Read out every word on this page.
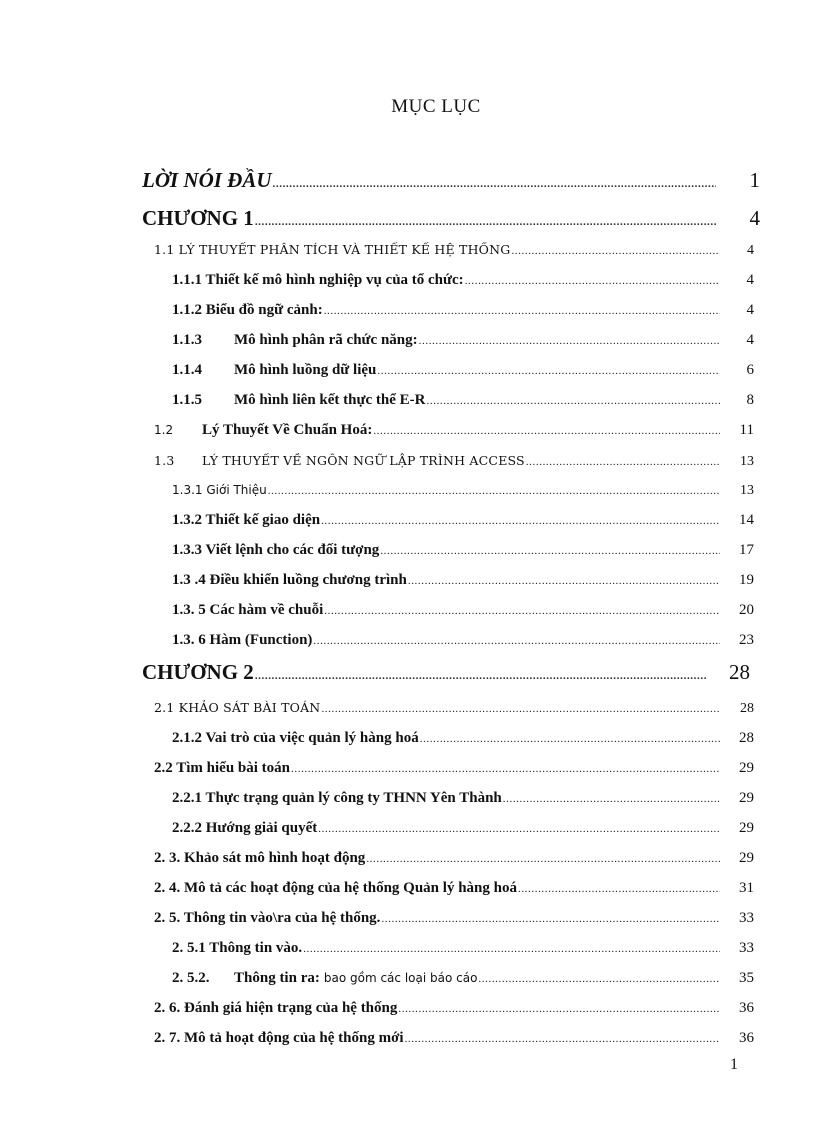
MỤC LỤC
LỜI NÓI ĐẦU .....	1
CHƯƠNG 1 .....	4
1.1 LÝ THUYẾT PHÂN TÍCH VÀ THIẾT KẾ HỆ THỐNG .....	4
1.1.1 Thiết kế mô hình nghiệp vụ của tổ chức: .....	4
1.1.2 Biểu đồ ngữ cảnh: .....	4
1.1.3	Mô hình phân rã chức năng: .....	4
1.1.4	Mô hình luồng dữ liệu .....	6
1.1.5	Mô hình liên kết thực thể E-R .....	8
1.2	Lý Thuyết Về Chuẩn Hoá: .....	11
1.3	LÝ THUYẾT VỀ NGÔN NGỮ LẬP TRÌNH ACCESS .....	13
1.3.1 Giới Thiệu .....	13
1.3.2 Thiết kế giao diện .....	14
1.3.3 Viết lệnh cho các đối tượng .....	17
1.3 .4 Điều khiển luồng chương trình .....	19
1.3. 5 Các hàm về chuỗi .....	20
1.3. 6 Hàm (Function) .....	23
CHƯƠNG 2 .....	28
2.1 KHẢO SÁT BÀI TOÁN .....	28
2.1.2 Vai trò của việc quản lý hàng hoá .....	28
2.2 Tìm hiểu bài toán .....	29
2.2.1 Thực trạng quản lý công ty THNN Yên Thành .....	29
2.2.2 Hướng giải quyết .....	29
2. 3. Khảo sát mô hình hoạt động .....	29
2. 4. Mô tả các hoạt động của hệ thống Quản lý hàng hoá .....	31
2. 5. Thông tin vào\ra của hệ thống. .....	33
2. 5.1 Thông tin vào. .....	33
2. 5.2.	Thông tin ra: bao gồm các loại báo cáo .....	35
2. 6. Đánh giá hiện trạng của hệ thống .....	36
2. 7. Mô tả hoạt động của hệ thống mới .....	36
1
